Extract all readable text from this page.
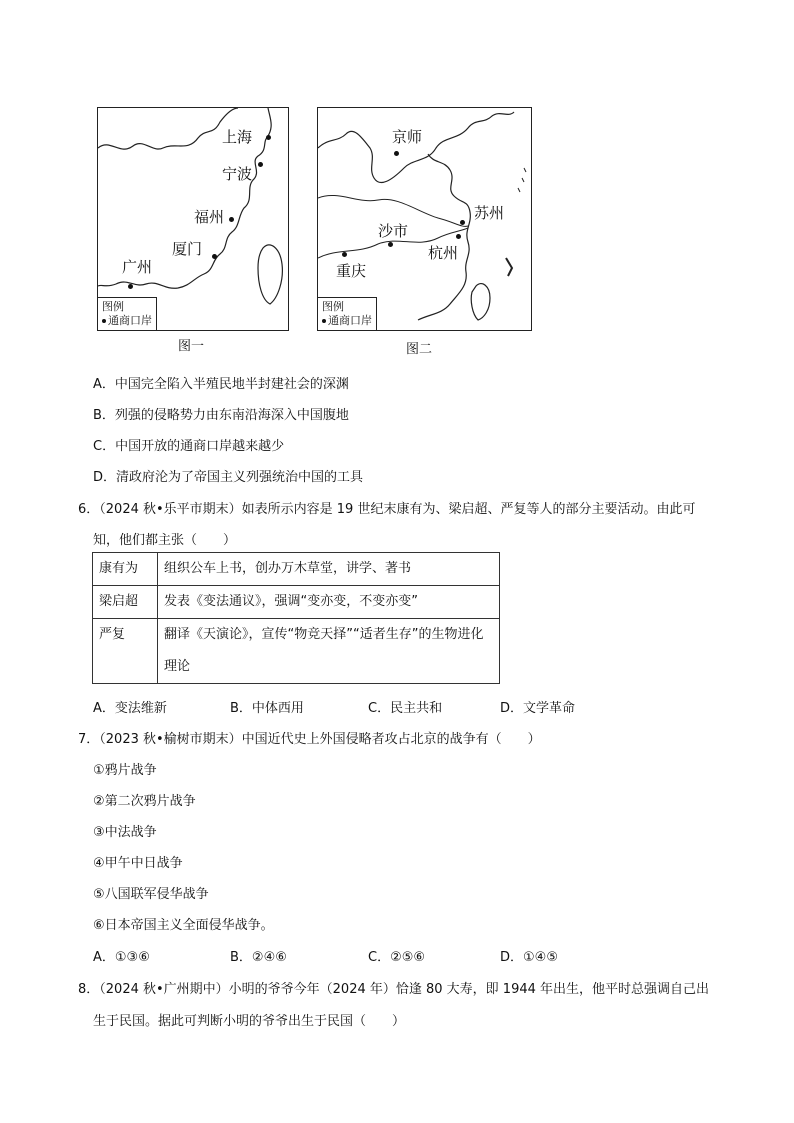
上海
宁波
福州
厦门
广州
图例
通商口岸
图一
京师
苏州
沙市
杭州
重庆
图例
通商口岸
图二
A．中国完全陷入半殖民地半封建社会的深渊
B．列强的侵略势力由东南沿海深入中国腹地
C．中国开放的通商口岸越来越少
D．清政府沦为了帝国主义列强统治中国的工具
6．（2024 秋•乐平市期末）如表所示内容是 19 世纪末康有为、梁启超、严复等人的部分主要活动。由此可
知，他们都主张（　　）
康有为	组织公车上书，创办万木草堂，讲学、著书
梁启超	发表《变法通议》，强调“变亦变，不变亦变”
严复	翻译《天演论》，宣传“物竞天择”“适者生存”的生物进化理论
A．变法维新	B．中体西用	C．民主共和	D．文学革命
7．（2023 秋•榆树市期末）中国近代史上外国侵略者攻占北京的战争有（　　）
①鸦片战争
②第二次鸦片战争
③中法战争
④甲午中日战争
⑤八国联军侵华战争
⑥日本帝国主义全面侵华战争。
A．①③⑥	B．②④⑥	C．②⑤⑥	D．①④⑤
8．（2024 秋•广州期中）小明的爷爷今年（2024 年）恰逢 80 大寿，即 1944 年出生，他平时总强调自己出
生于民国。据此可判断小明的爷爷出生于民国（　　）
